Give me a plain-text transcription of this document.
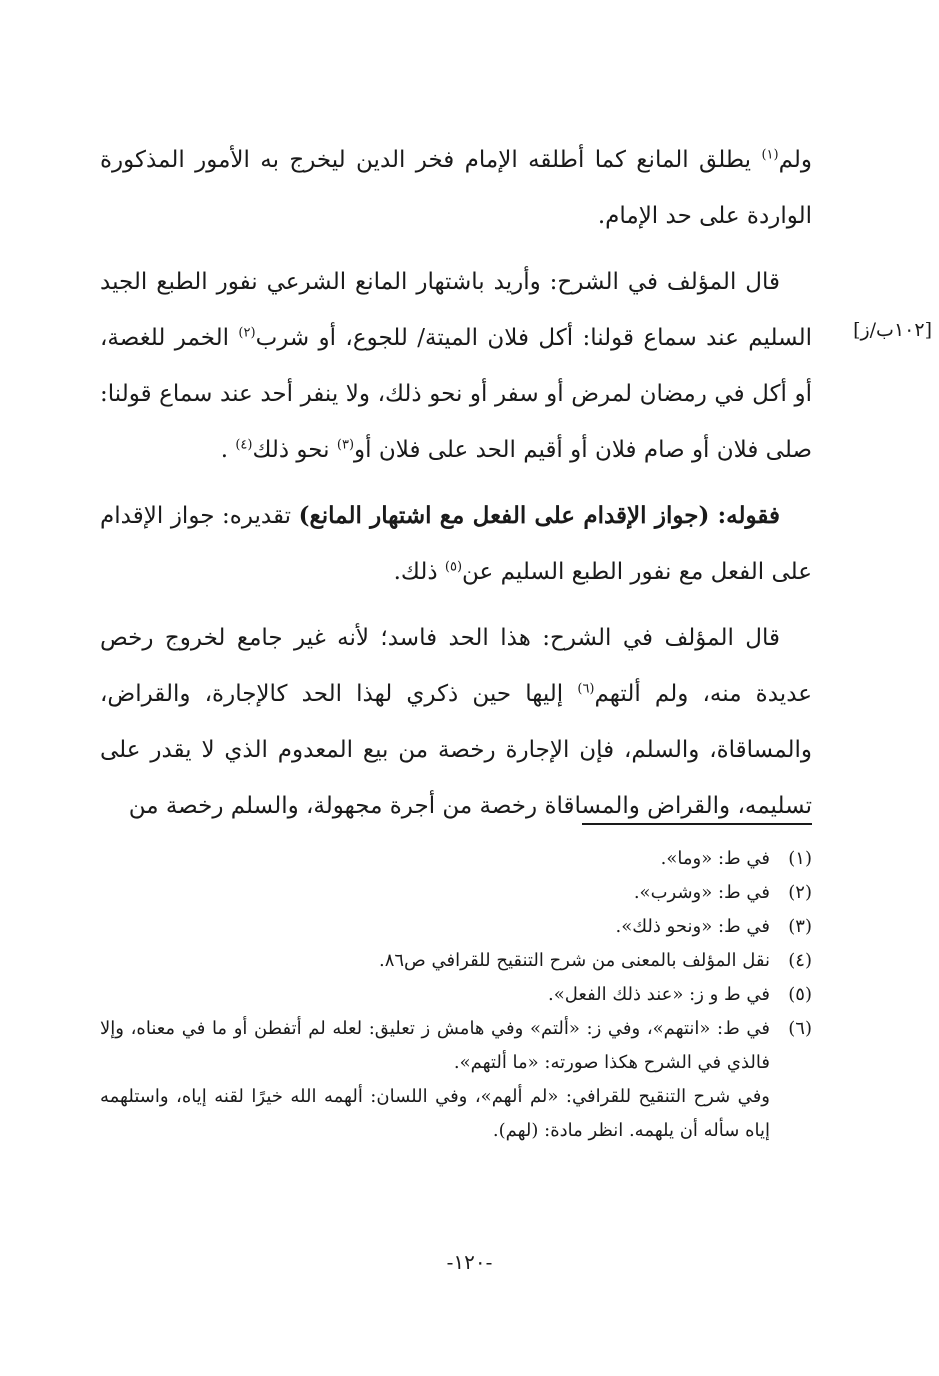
ولم$^{(١)}$ يطلق المانع كما أطلقه الإمام فخر الدين ليخرج به الأمور المذكورة الواردة على حد الإمام.

قال المؤلف في الشرح: وأريد باشتهار المانع الشرعي نفور الطبع الجيد السليم عند سماع قولنا: أكل فلان الميتة/ للجوع، أو شرب$^{(٢)}$ الخمر للغصة، أو أكل في رمضان لمرض أو سفر أو نحو ذلك، ولا ينفر أحد عند سماع قولنا: صلى فلان أو صام فلان أو أقيم الحد على فلان أو$^{(٣)}$ نحو ذلك$^{(٤)}$ .

فقوله: (جواز الإقدام على الفعل مع اشتهار المانع) تقديره: جواز الإقدام على الفعل مع نفور الطبع السليم عن$^{(٥)}$ ذلك.

قال المؤلف في الشرح: هذا الحد فاسد؛ لأنه غير جامع لخروج رخص عديدة منه، ولم ألتهم$^{(٦)}$ إليها حين ذكري لهذا الحد كالإجارة، والقراض، والمساقاة، والسلم، فإن الإجارة رخصة من بيع المعدوم الذي لا يقدر على تسليمه، والقراض والمساقاة رخصة من أجرة مجهولة، والسلم رخصة من

[١٠٢ب/ز]
(١)
في ط: «وما».
(٢)
في ط: «وشرب».
(٣)
في ط: «ونحو ذلك».
(٤)
نقل المؤلف بالمعنى من شرح التنقيح للقرافي ص٨٦.
(٥)
في ط و ز: «عند ذلك الفعل».
(٦)
في ط: «انتهم»، وفي ز: «ألتم» وفي هامش ز تعليق: لعله لم أتفطن أو ما في معناه، وإلا فالذي في الشرح هكذا صورته: «ما ألتهم».
وفي شرح التنقيح للقرافي: «لم ألهم»، وفي اللسان: ألهمه الله خيرًا لقنه إياه، واستلهمه إياه سأله أن يلهمه. انظر مادة: (لهم).
-١٢٠-
